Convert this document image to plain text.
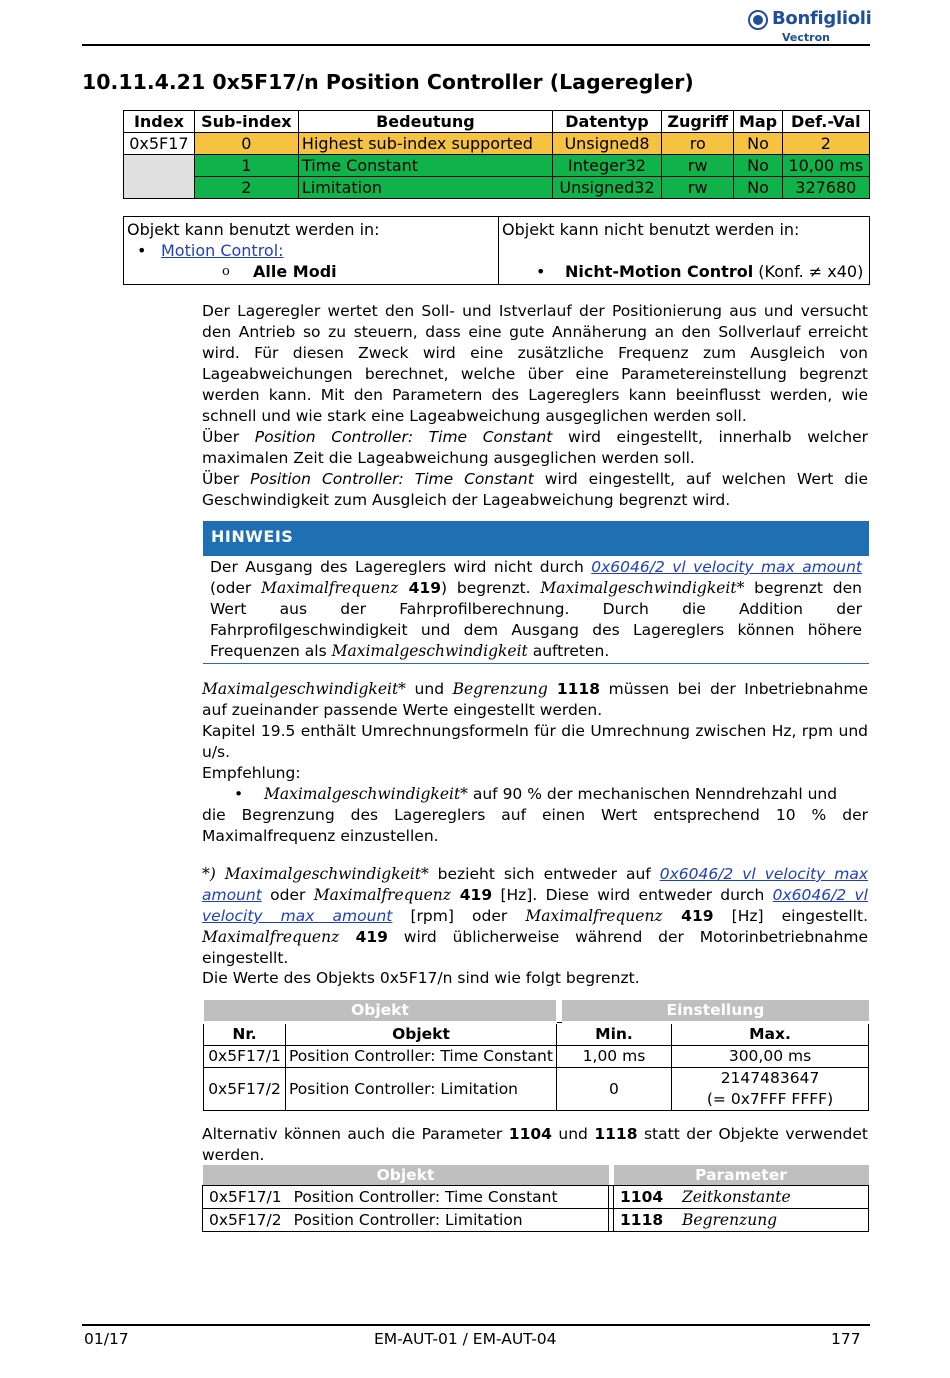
Bonfiglioli
Vectron
10.11.4.21 0x5F17/n Position Controller (Lageregler)
Index	Sub-index	Bedeutung	Datentyp	Zugriff	Map	Def.-Val
0x5F17	0	Highest sub-index supported	Unsigned8	ro	No	2
	1	Time Constant	Integer32	rw	No	10,00 ms
	2	Limitation	Unsigned32	rw	No	327680
Objekt kann benutzt werden in:
• Motion Control:
o Alle Modi

Objekt kann nicht benutzt werden in:
• Nicht-Motion Control (Konf. ≠ x40)
Der Lageregler wertet den Soll- und Istverlauf der Positionierung aus und versucht den Antrieb so zu steuern, dass eine gute Annäherung an den Sollverlauf erreicht wird. Für diesen Zweck wird eine zusätzliche Frequenz zum Ausgleich von Lageabweichungen berechnet, welche über eine Parametereinstellung begrenzt werden kann. Mit den Parametern des Lagereglers kann beeinflusst werden, wie schnell und wie stark eine Lageabweichung ausgeglichen werden soll.
Über Position Controller: Time Constant wird eingestellt, innerhalb welcher maximalen Zeit die Lageabweichung ausgeglichen werden soll.
Über Position Controller: Time Constant wird eingestellt, auf welchen Wert die Geschwindigkeit zum Ausgleich der Lageabweichung begrenzt wird.
HINWEIS
Der Ausgang des Lagereglers wird nicht durch 0x6046/2 vl velocity max amount (oder Maximalfrequenz 419) begrenzt. Maximalgeschwindigkeit* begrenzt den Wert aus der Fahrprofilberechnung. Durch die Addition der Fahrprofilgeschwindigkeit und dem Ausgang des Lagereglers können höhere Frequenzen als Maximalgeschwindigkeit auftreten.
Maximalgeschwindigkeit* und Begrenzung 1118 müssen bei der Inbetriebnahme auf zueinander passende Werte eingestellt werden.
Kapitel 19.5 enthält Umrechnungsformeln für die Umrechnung zwischen Hz, rpm und u/s.
Empfehlung:
• Maximalgeschwindigkeit* auf 90 % der mechanischen Nenndrehzahl und
die Begrenzung des Lagereglers auf einen Wert entsprechend 10 % der Maximalfrequenz einzustellen.
*) Maximalgeschwindigkeit* bezieht sich entweder auf 0x6046/2 vl velocity max amount oder Maximalfrequenz 419 [Hz]. Diese wird entweder durch 0x6046/2 vl velocity max amount [rpm] oder Maximalfrequenz 419 [Hz] eingestellt. Maximalfrequenz 419 wird üblicherweise während der Motorinbetriebnahme eingestellt.
Die Werte des Objekts 0x5F17/n sind wie folgt begrenzt.
Objekt			Einstellung	
Nr.	Objekt	Min.		Max.
0x5F17/1	Position Controller: Time Constant	1,00 ms		300,00 ms
0x5F17/2	Position Controller: Limitation	0		2147483647
(= 0x7FFF FFFF)
Alternativ können auch die Parameter 1104 und 1118 statt der Objekte verwendet werden.
Objekt			Parameter	
0x5F17/1	Position Controller: Time Constant		1104	Zeitkonstante
0x5F17/2	Position Controller: Limitation		1118	Begrenzung
01/17	EM-AUT-01 / EM-AUT-04	177
